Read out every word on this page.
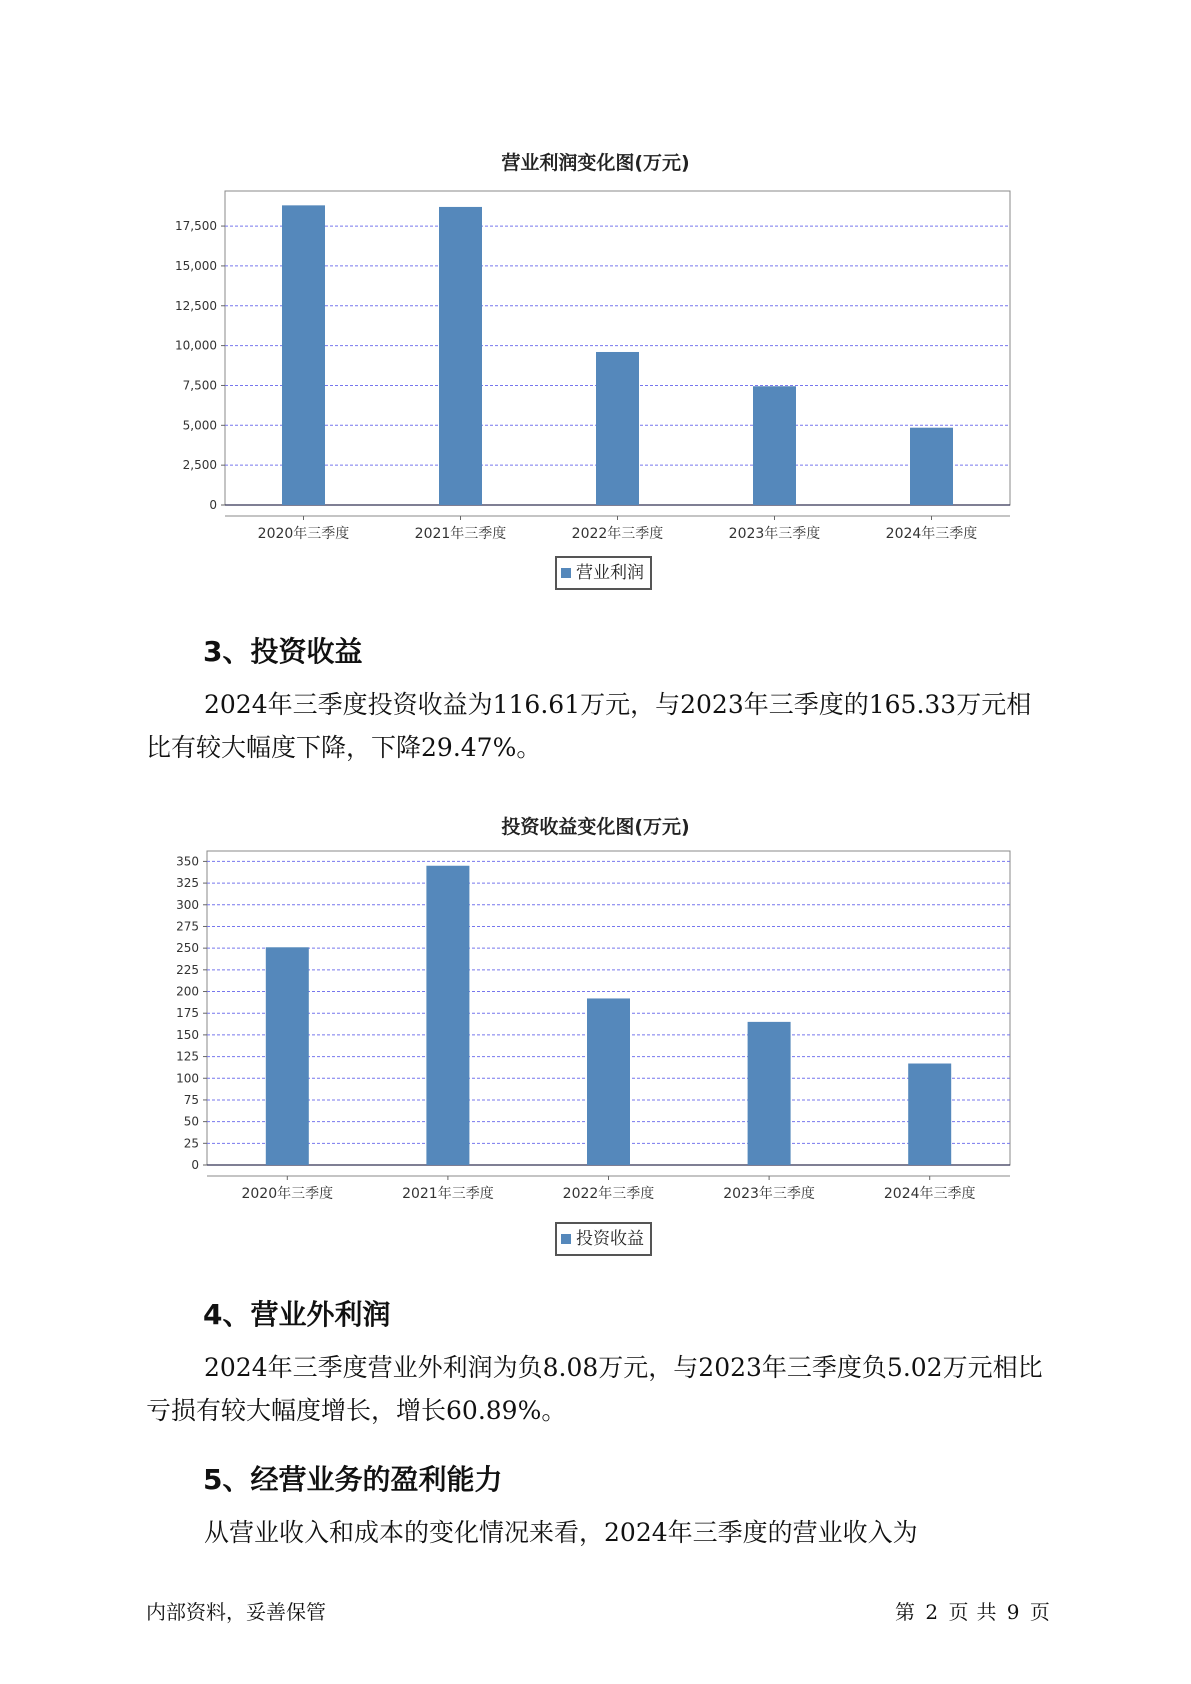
营业利润变化图(万元)
0
2,500
5,000
7,500
10,000
12,500
15,000
17,500
2020年三季度	2021年三季度	2022年三季度	2023年三季度	2024年三季度
营业利润
3、投资收益

2024年三季度投资收益为116.61万元，与2023年三季度的165.33万元相比有较大幅度下降，下降29.47%。

投资收益变化图(万元)
0
25
50
75
100
125
150
175
200
225
250
275
300
325
350
2020年三季度	2021年三季度	2022年三季度	2023年三季度	2024年三季度
投资收益
4、营业外利润

2024年三季度营业外利润为负8.08万元，与2023年三季度负5.02万元相比亏损有较大幅度增长，增长60.89%。

5、经营业务的盈利能力

从营业收入和成本的变化情况来看，2024年三季度的营业收入为

内部资料，妥善保管	第 2 页 共 9 页
